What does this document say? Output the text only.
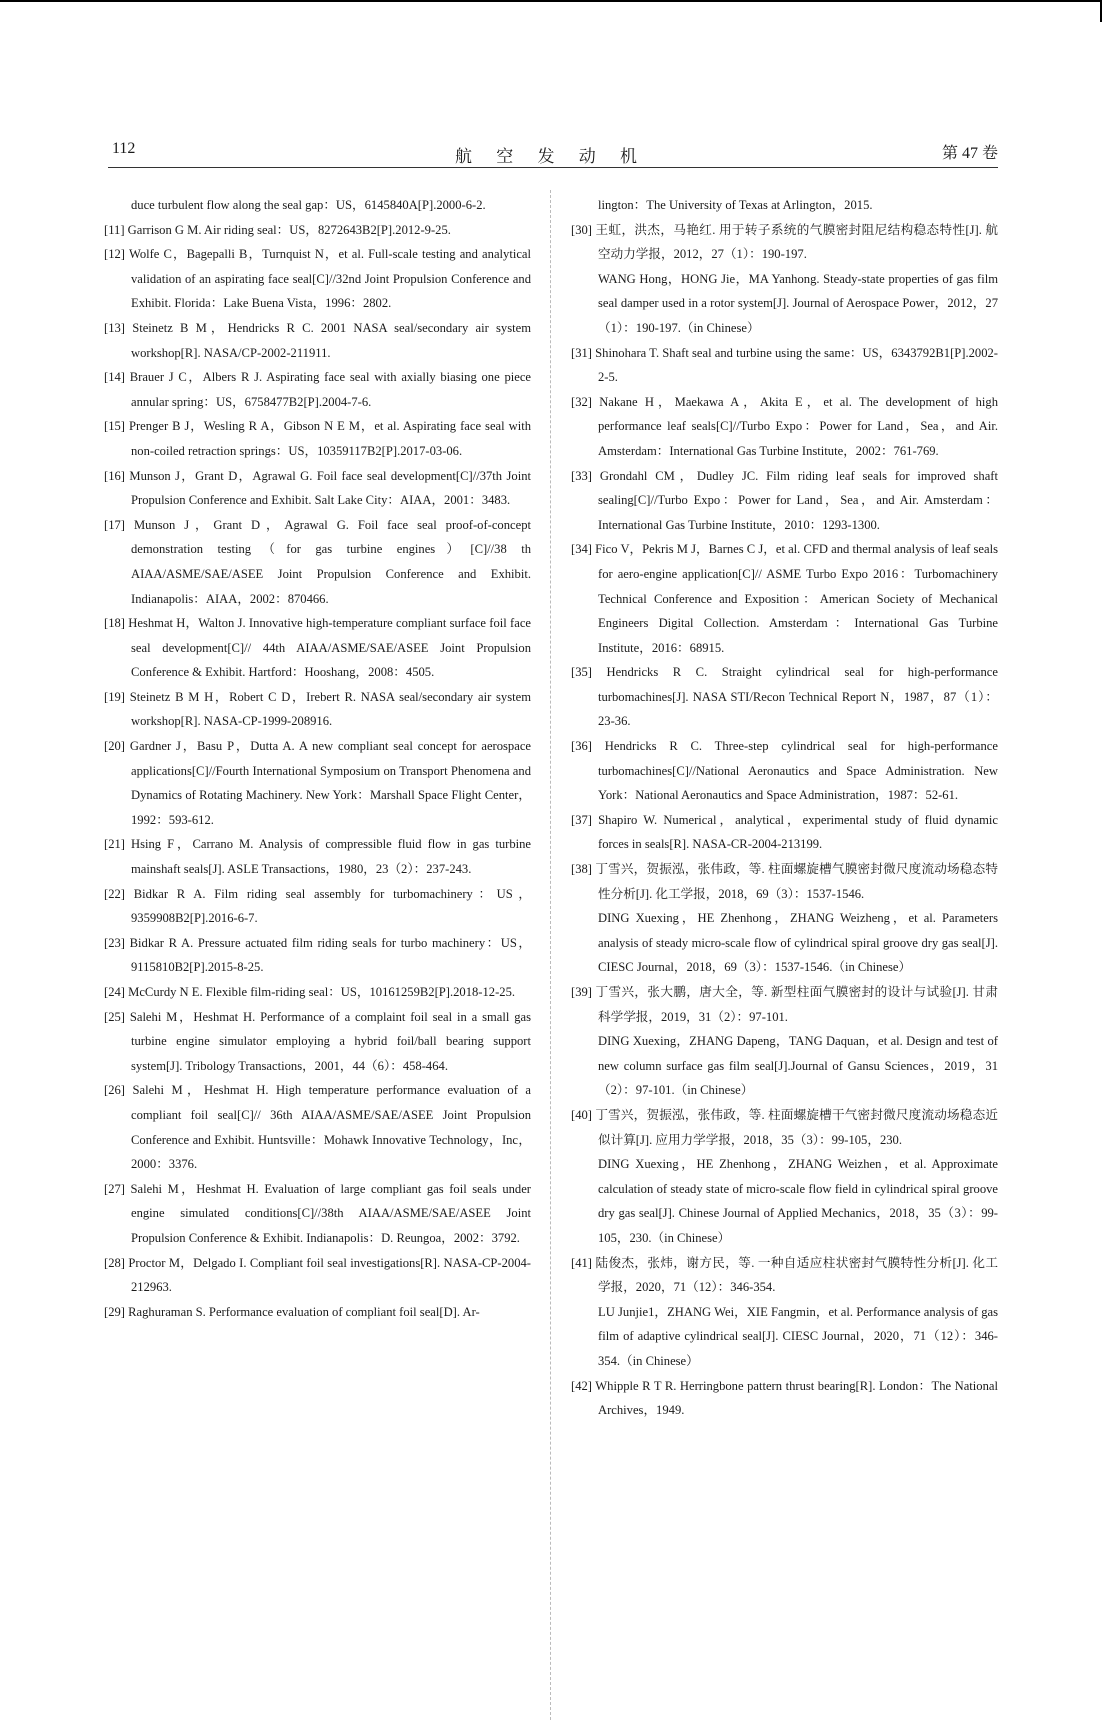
112	航 空 发 动 机	第 47 卷

duce turbulent flow along the seal gap：US，6145840A[P].2000-6-2.

[11] Garrison G M. Air riding seal：US，8272643B2[P].2012-9-25.

[12] Wolfe C，Bagepalli B，Turnquist N，et al. Full-scale testing and analytical validation of an aspirating face seal[C]//32nd Joint Propulsion Conference and Exhibit. Florida：Lake Buena Vista，1996：2802.

[13] Steinetz B M，Hendricks R C. 2001 NASA seal/secondary air system workshop[R]. NASA/CP-2002-211911.

[14] Brauer J C，Albers R J. Aspirating face seal with axially biasing one piece annular spring：US，6758477B2[P].2004-7-6.

[15] Prenger B J，Wesling R A，Gibson N E M，et al. Aspirating face seal with non-coiled retraction springs：US，10359117B2[P].2017-03-06.

[16] Munson J，Grant D，Agrawal G. Foil face seal development[C]//37th Joint Propulsion Conference and Exhibit. Salt Lake City：AIAA，2001：3483.

[17] Munson J，Grant D，Agrawal G. Foil face seal proof-of-concept demonstration testing（for gas turbine engines）[C]//38 th AIAA/ASME/SAE/ASEE Joint Propulsion Conference and Exhibit. Indianapolis：AIAA，2002：870466.

[18] Heshmat H，Walton J. Innovative high-temperature compliant surface foil face seal development[C]// 44th AIAA/ASME/SAE/ASEE Joint Propulsion Conference & Exhibit. Hartford：Hooshang，2008：4505.

[19] Steinetz B M H，Robert C D，Irebert R. NASA seal/secondary air system workshop[R]. NASA-CP-1999-208916.

[20] Gardner J，Basu P，Dutta A. A new compliant seal concept for aerospace applications[C]//Fourth International Symposium on Transport Phenomena and Dynamics of Rotating Machinery. New York：Marshall Space Flight Center，1992：593-612.

[21] Hsing F，Carrano M. Analysis of compressible fluid flow in gas turbine mainshaft seals[J]. ASLE Transactions，1980，23（2）：237-243.

[22] Bidkar R A. Film riding seal assembly for turbomachinery：US，9359908B2[P].2016-6-7.

[23] Bidkar R A. Pressure actuated film riding seals for turbo machinery：US，9115810B2[P].2015-8-25.

[24] McCurdy N E. Flexible film-riding seal：US，10161259B2[P].2018-12-25.

[25] Salehi M，Heshmat H. Performance of a complaint foil seal in a small gas turbine engine simulator employing a hybrid foil/ball bearing support system[J]. Tribology Transactions，2001，44（6）：458-464.

[26] Salehi M，Heshmat H. High temperature performance evaluation of a compliant foil seal[C]// 36th AIAA/ASME/SAE/ASEE Joint Propulsion Conference and Exhibit. Huntsville：Mohawk Innovative Technology，Inc，2000：3376.

[27] Salehi M，Heshmat H. Evaluation of large compliant gas foil seals under engine simulated conditions[C]//38th AIAA/ASME/SAE/ASEE Joint Propulsion Conference & Exhibit. Indianapolis：D. Reungoa，2002：3792.

[28] Proctor M，Delgado I. Compliant foil seal investigations[R]. NASA-CP-2004-212963.

[29] Raghuraman S. Performance evaluation of compliant foil seal[D]. Ar-

lington：The University of Texas at Arlington，2015.

[30] 王虹，洪杰，马艳红. 用于转子系统的气膜密封阻尼结构稳态特性[J]. 航空动力学报，2012，27（1）：190-197.

WANG Hong，HONG Jie，MA Yanhong. Steady-state properties of gas film seal damper used in a rotor system[J]. Journal of Aerospace Power，2012，27（1）：190-197.（in Chinese）

[31] Shinohara T. Shaft seal and turbine using the same：US，6343792B1[P].2002-2-5.

[32] Nakane H，Maekawa A，Akita E，et al. The development of high performance leaf seals[C]//Turbo Expo：Power for Land，Sea，and Air. Amsterdam：International Gas Turbine Institute，2002：761-769.

[33] Grondahl CM，Dudley JC. Film riding leaf seals for improved shaft sealing[C]//Turbo Expo：Power for Land，Sea，and Air. Amsterdam：International Gas Turbine Institute，2010：1293-1300.

[34] Fico V，Pekris M J，Barnes C J，et al. CFD and thermal analysis of leaf seals for aero-engine application[C]// ASME Turbo Expo 2016：Turbomachinery Technical Conference and Exposition：American Society of Mechanical Engineers Digital Collection. Amsterdam：International Gas Turbine Institute，2016：68915.

[35] Hendricks R C. Straight cylindrical seal for high-performance turbomachines[J]. NASA STI/Recon Technical Report N，1987，87（1）：23-36.

[36] Hendricks R C. Three-step cylindrical seal for high-performance turbomachines[C]//National Aeronautics and Space Administration. New York：National Aeronautics and Space Administration，1987：52-61.

[37] Shapiro W. Numerical，analytical，experimental study of fluid dynamic forces in seals[R]. NASA-CR-2004-213199.

[38] 丁雪兴，贺振泓，张伟政，等. 柱面螺旋槽气膜密封微尺度流动场稳态特性分析[J]. 化工学报，2018，69（3）：1537-1546.

DING Xuexing，HE Zhenhong，ZHANG Weizheng，et al. Parameters analysis of steady micro-scale flow of cylindrical spiral groove dry gas seal[J]. CIESC Journal，2018，69（3）：1537-1546.（in Chinese）

[39] 丁雪兴，张大鹏，唐大全，等. 新型柱面气膜密封的设计与试验[J]. 甘肃科学学报，2019，31（2）：97-101.

DING Xuexing，ZHANG Dapeng，TANG Daquan，et al. Design and test of new column surface gas film seal[J].Journal of Gansu Sciences，2019，31（2）：97-101.（in Chinese）

[40] 丁雪兴，贺振泓，张伟政，等. 柱面螺旋槽干气密封微尺度流动场稳态近似计算[J]. 应用力学学报，2018，35（3）：99-105，230.

DING Xuexing，HE Zhenhong，ZHANG Weizhen，et al. Approximate calculation of steady state of micro-scale flow field in cylindrical spiral groove dry gas seal[J]. Chinese Journal of Applied Mechanics，2018，35（3）：99-105，230.（in Chinese）

[41] 陆俊杰，张炜，谢方民，等. 一种自适应柱状密封气膜特性分析[J]. 化工学报，2020，71（12）：346-354.

LU Junjie1，ZHANG Wei，XIE Fangmin，et al. Performance analysis of gas film of adaptive cylindrical seal[J]. CIESC Journal，2020，71（12）：346-354.（in Chinese）

[42] Whipple R T R. Herringbone pattern thrust bearing[R]. London：The National Archives，1949.
